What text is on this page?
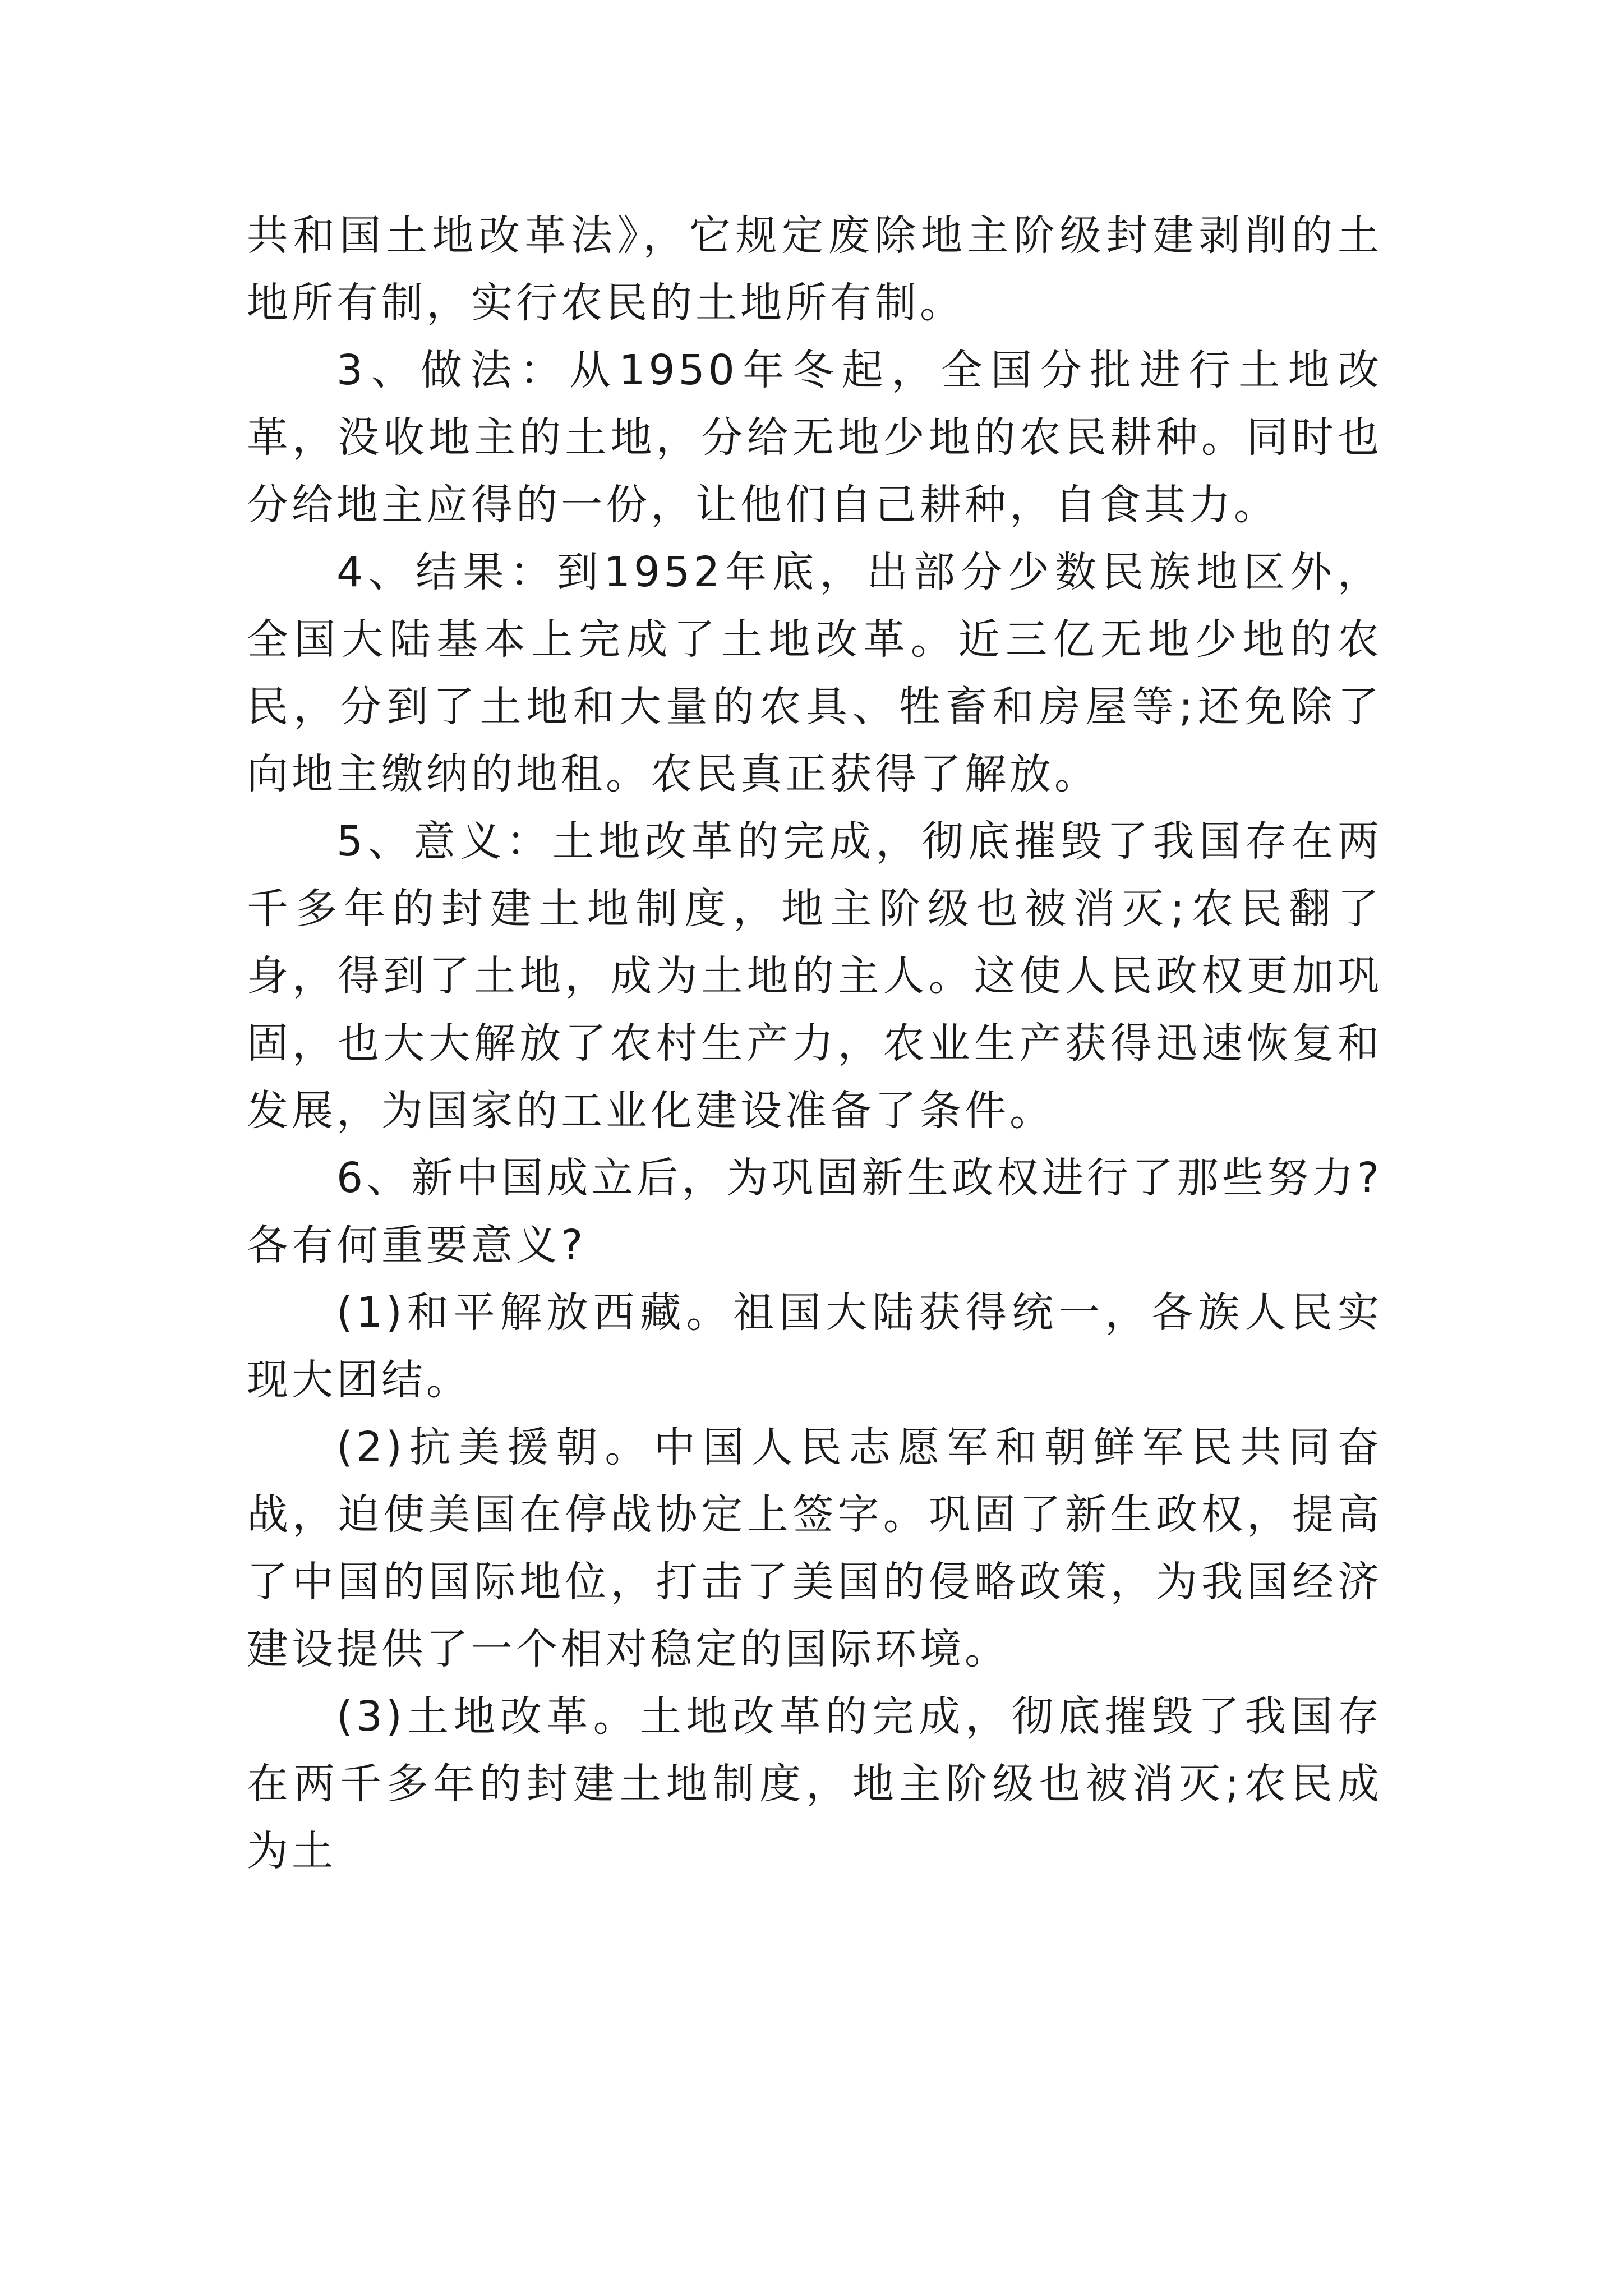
共和国土地改革法》，它规定废除地主阶级封建剥削的土地所有制，实行农民的土地所有制。

3、做法：从1950年冬起，全国分批进行土地改革，没收地主的土地，分给无地少地的农民耕种。同时也分给地主应得的一份，让他们自己耕种，自食其力。

4、结果：到1952年底，出部分少数民族地区外，全国大陆基本上完成了土地改革。近三亿无地少地的农民，分到了土地和大量的农具、牲畜和房屋等;还免除了向地主缴纳的地租。农民真正获得了解放。

5、意义：土地改革的完成，彻底摧毁了我国存在两千多年的封建土地制度，地主阶级也被消灭;农民翻了身，得到了土地，成为土地的主人。这使人民政权更加巩固，也大大解放了农村生产力，农业生产获得迅速恢复和发展，为国家的工业化建设准备了条件。

6、新中国成立后，为巩固新生政权进行了那些努力?各有何重要意义?

(1)和平解放西藏。祖国大陆获得统一，各族人民实现大团结。

(2)抗美援朝。中国人民志愿军和朝鲜军民共同奋战，迫使美国在停战协定上签字。巩固了新生政权，提高了中国的国际地位，打击了美国的侵略政策，为我国经济建设提供了一个相对稳定的国际环境。

(3)土地改革。土地改革的完成，彻底摧毁了我国存在两千多年的封建土地制度，地主阶级也被消灭;农民成为土
